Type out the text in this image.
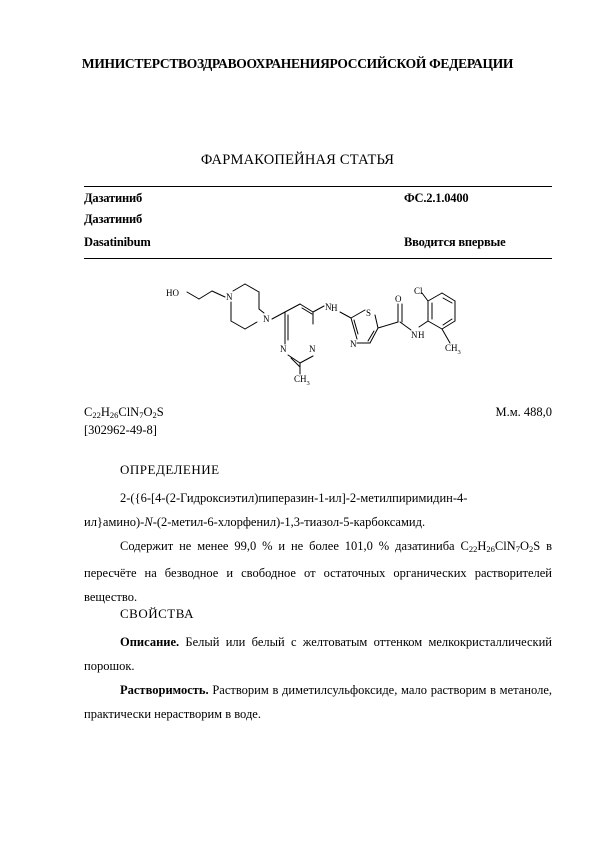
МИНИСТЕРСТВОЗДРАВООХРАНЕНИЯРОССИЙСКОЙ ФЕДЕРАЦИИ
ФАРМАКОПЕЙНАЯ СТАТЬЯ
Дазатиниб	ФС.2.1.0400
Дазатиниб
Dasatinibum	Вводится впервые
HO	N
N
N
N
$CH_3$
N H	S
N
O
N H
Cl
$CH_3$
$C_{22}H_{26}ClN_7O_2S$	М.м. 488,0
[302962-49-8]
ОПРЕДЕЛЕНИЕ
2-({6-[4-(2-Гидроксиэтил)пиперазин-1-ил]-2-метилпиримидин-4-
ил}амино)-N-(2-метил-6-хлорфенил)-1,3-тиазол-5-карбоксамид.
Содержит не менее 99,0 % и не более 101,0 % дазатиниба $C_{22}H_{26}ClN_7O_2S$ в пересчёте на безводное и свободное от остаточных органических растворителей вещество.
СВОЙСТВА
Описание. Белый или белый с желтоватым оттенком мелкокристаллический порошок.
Растворимость. Растворим в диметилсульфоксиде, мало растворим в метаноле, практически нерастворим в воде.
